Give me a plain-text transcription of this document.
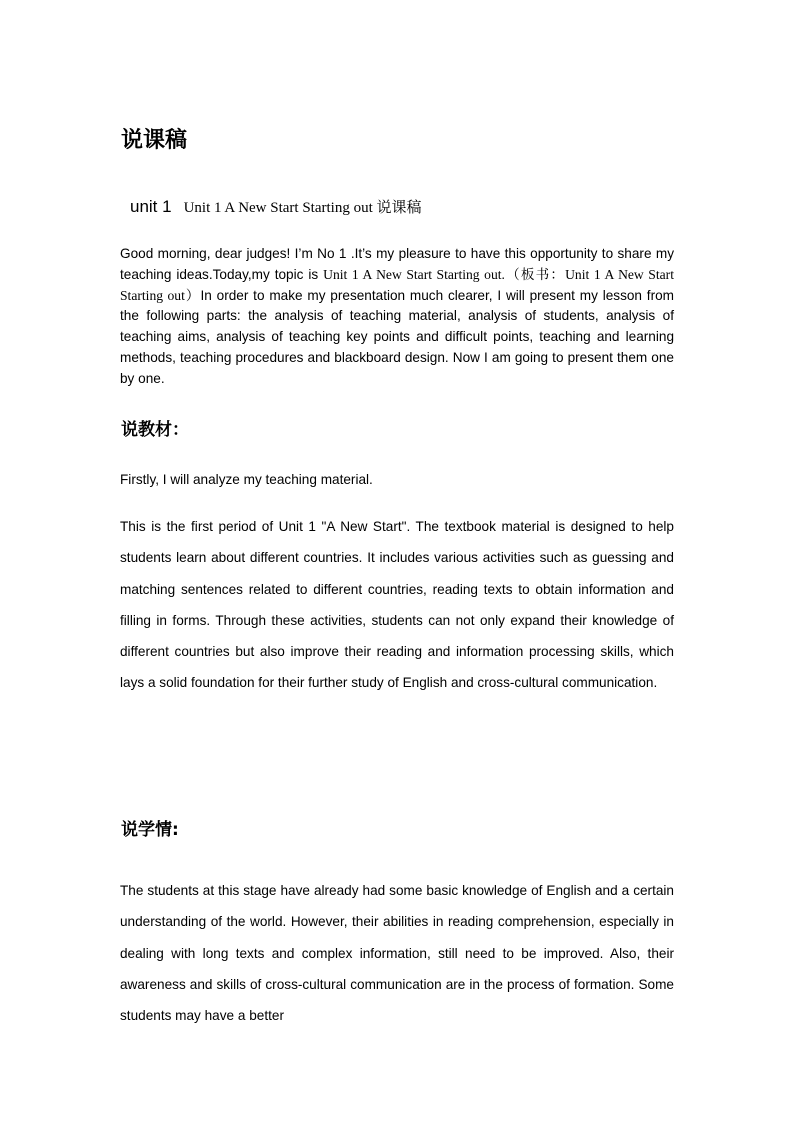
说课稿

unit 1 Unit 1 A New Start Starting out 说课稿

Good morning, dear judges! I’m No 1 .It’s my pleasure to have this opportunity to share my teaching ideas.Today,my topic is Unit 1 A New Start Starting out.（板书：Unit 1 A New Start Starting out）In order to make my presentation much clearer, I will present my lesson from the following parts: the analysis of teaching material, analysis of students, analysis of teaching aims, analysis of teaching key points and difficult points, teaching and learning methods, teaching procedures and blackboard design. Now I am going to present them one by one.

说教材：

Firstly, I will analyze my teaching material.

This is the first period of Unit 1 "A New Start". The textbook material is designed to help students learn about different countries. It includes various activities such as guessing and matching sentences related to different countries, reading texts to obtain information and filling in forms. Through these activities, students can not only expand their knowledge of different countries but also improve their reading and information processing skills, which lays a solid foundation for their further study of English and cross-cultural communication.

说学情:

The students at this stage have already had some basic knowledge of English and a certain understanding of the world. However, their abilities in reading comprehension, especially in dealing with long texts and complex information, still need to be improved. Also, their awareness and skills of cross-cultural communication are in the process of formation. Some students may have a better
